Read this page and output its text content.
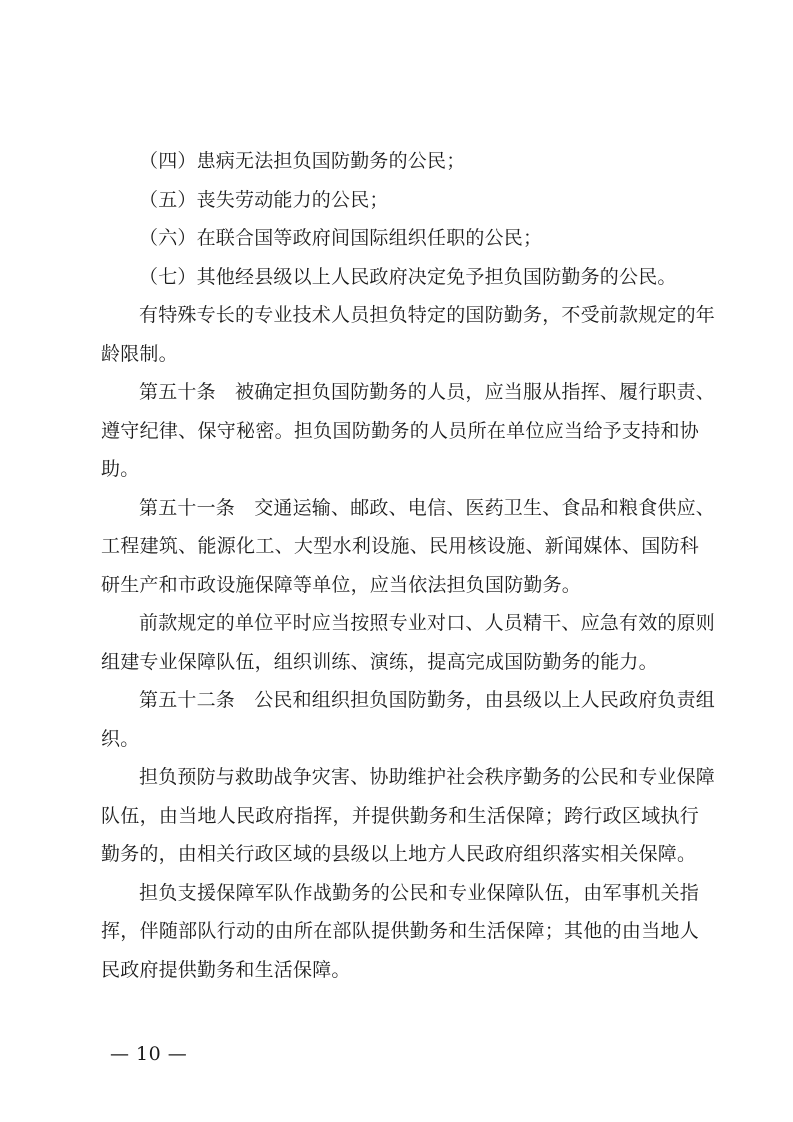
（四）患病无法担负国防勤务的公民；

（五）丧失劳动能力的公民；

（六）在联合国等政府间国际组织任职的公民；

（七）其他经县级以上人民政府决定免予担负国防勤务的公民。

有特殊专长的专业技术人员担负特定的国防勤务，不受前款规定的年
龄限制。

第五十条　被确定担负国防勤务的人员，应当服从指挥、履行职责、
遵守纪律、保守秘密。担负国防勤务的人员所在单位应当给予支持和协
助。

第五十一条　交通运输、邮政、电信、医药卫生、食品和粮食供应、
工程建筑、能源化工、大型水利设施、民用核设施、新闻媒体、国防科
研生产和市政设施保障等单位，应当依法担负国防勤务。

前款规定的单位平时应当按照专业对口、人员精干、应急有效的原则
组建专业保障队伍，组织训练、演练，提高完成国防勤务的能力。

第五十二条　公民和组织担负国防勤务，由县级以上人民政府负责组
织。

担负预防与救助战争灾害、协助维护社会秩序勤务的公民和专业保障
队伍，由当地人民政府指挥，并提供勤务和生活保障；跨行政区域执行
勤务的，由相关行政区域的县级以上地方人民政府组织落实相关保障。

担负支援保障军队作战勤务的公民和专业保障队伍，由军事机关指
挥，伴随部队行动的由所在部队提供勤务和生活保障；其他的由当地人
民政府提供勤务和生活保障。

— 10 —
